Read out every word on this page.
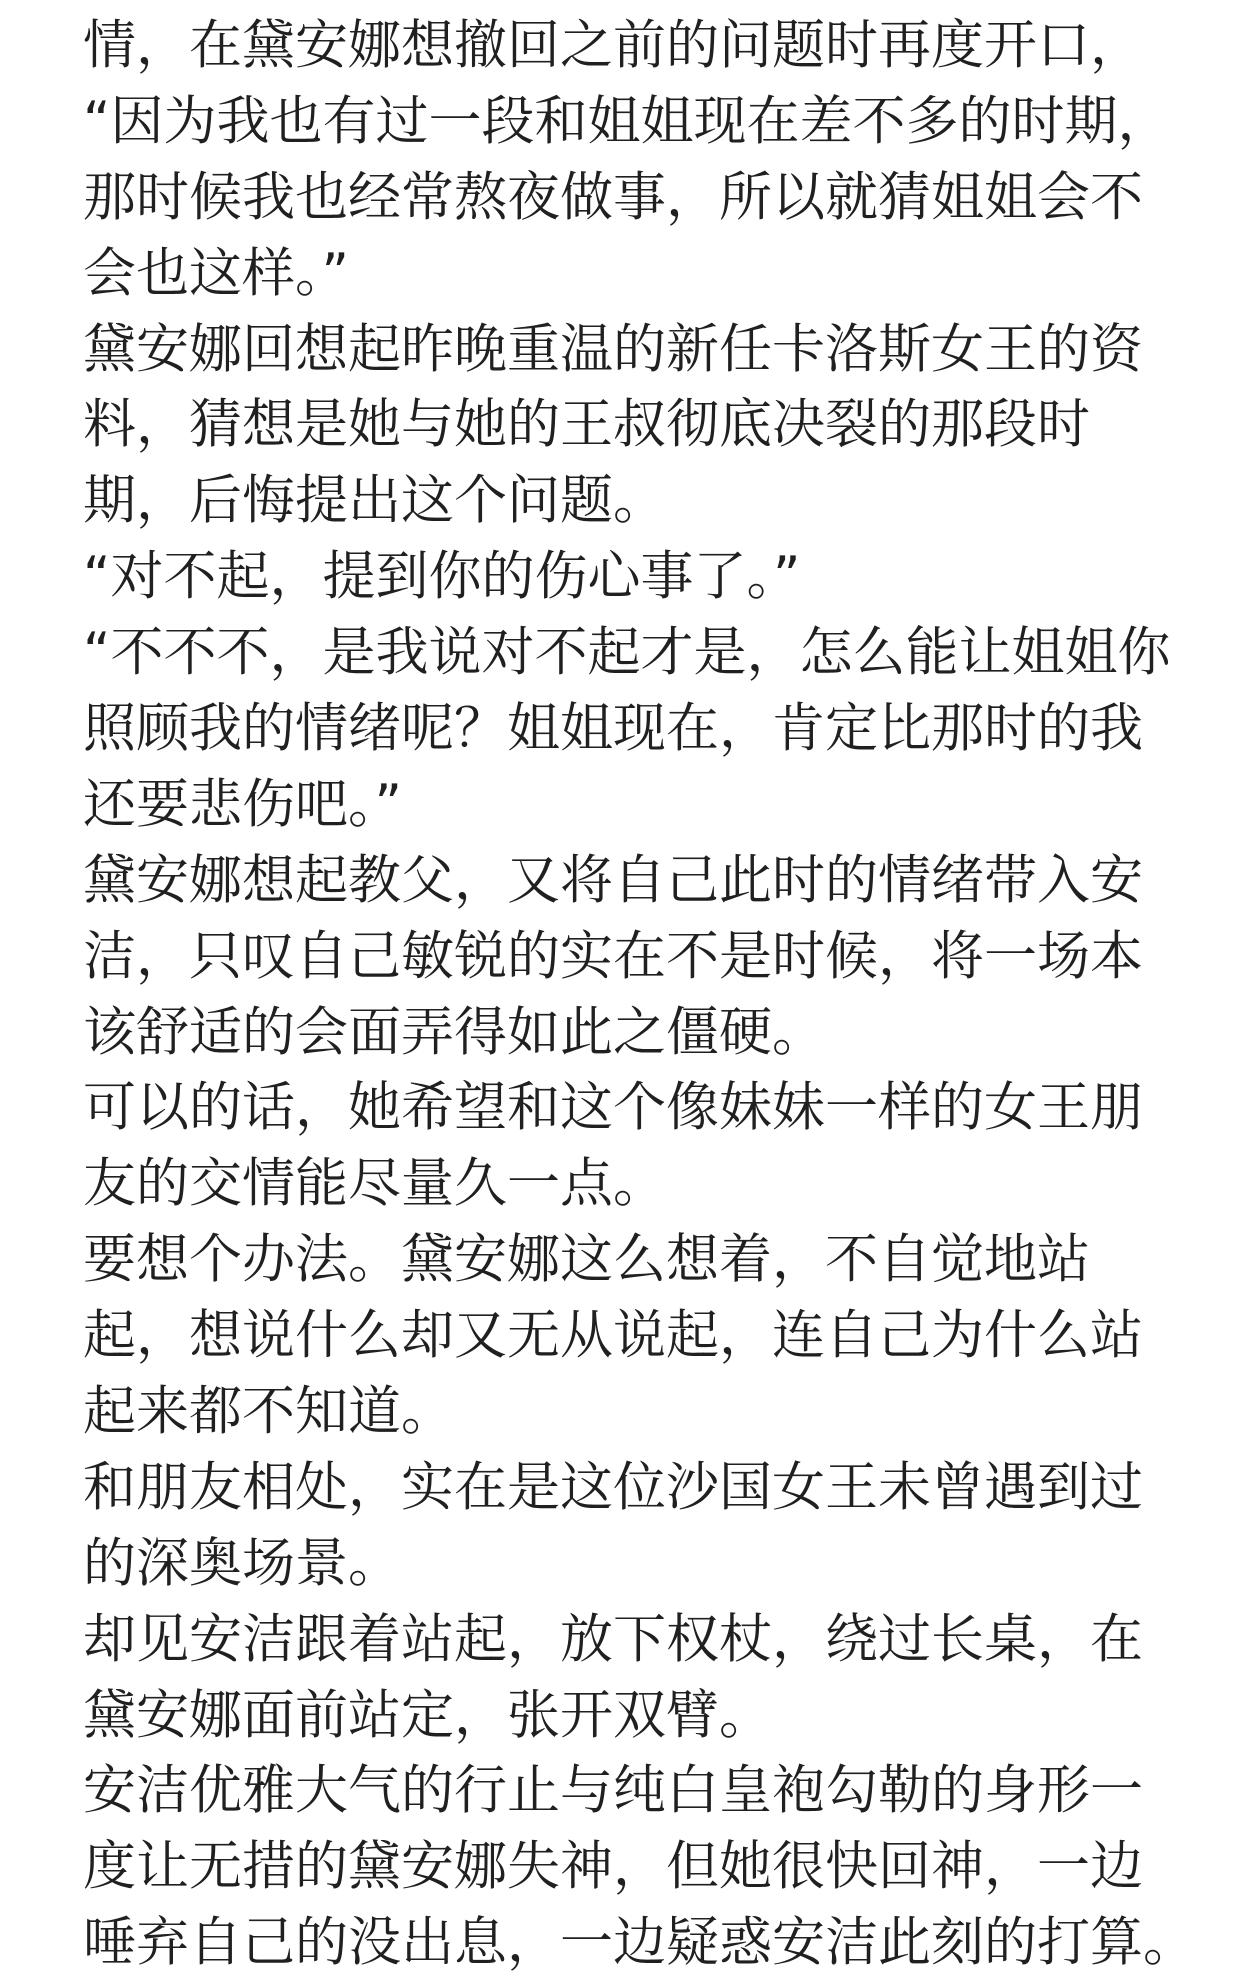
情，在黛安娜想撤回之前的问题时再度开口，
“因为我也有过一段和姐姐现在差不多的时期，
那时候我也经常熬夜做事，所以就猜姐姐会不
会也这样。”
黛安娜回想起昨晚重温的新任卡洛斯女王的资
料，猜想是她与她的王叔彻底决裂的那段时
期，后悔提出这个问题。
“对不起，提到你的伤心事了。”
“不不不，是我说对不起才是，怎么能让姐姐你
照顾我的情绪呢？姐姐现在，肯定比那时的我
还要悲伤吧。”
黛安娜想起教父，又将自己此时的情绪带入安
洁，只叹自己敏锐的实在不是时候，将一场本
该舒适的会面弄得如此之僵硬。
可以的话，她希望和这个像妹妹一样的女王朋
友的交情能尽量久一点。
要想个办法。黛安娜这么想着，不自觉地站
起，想说什么却又无从说起，连自己为什么站
起来都不知道。
和朋友相处，实在是这位沙国女王未曾遇到过
的深奥场景。
却见安洁跟着站起，放下权杖，绕过长桌，在
黛安娜面前站定，张开双臂。
安洁优雅大气的行止与纯白皇袍勾勒的身形一
度让无措的黛安娜失神，但她很快回神，一边
唾弃自己的没出息，一边疑惑安洁此刻的打算。
